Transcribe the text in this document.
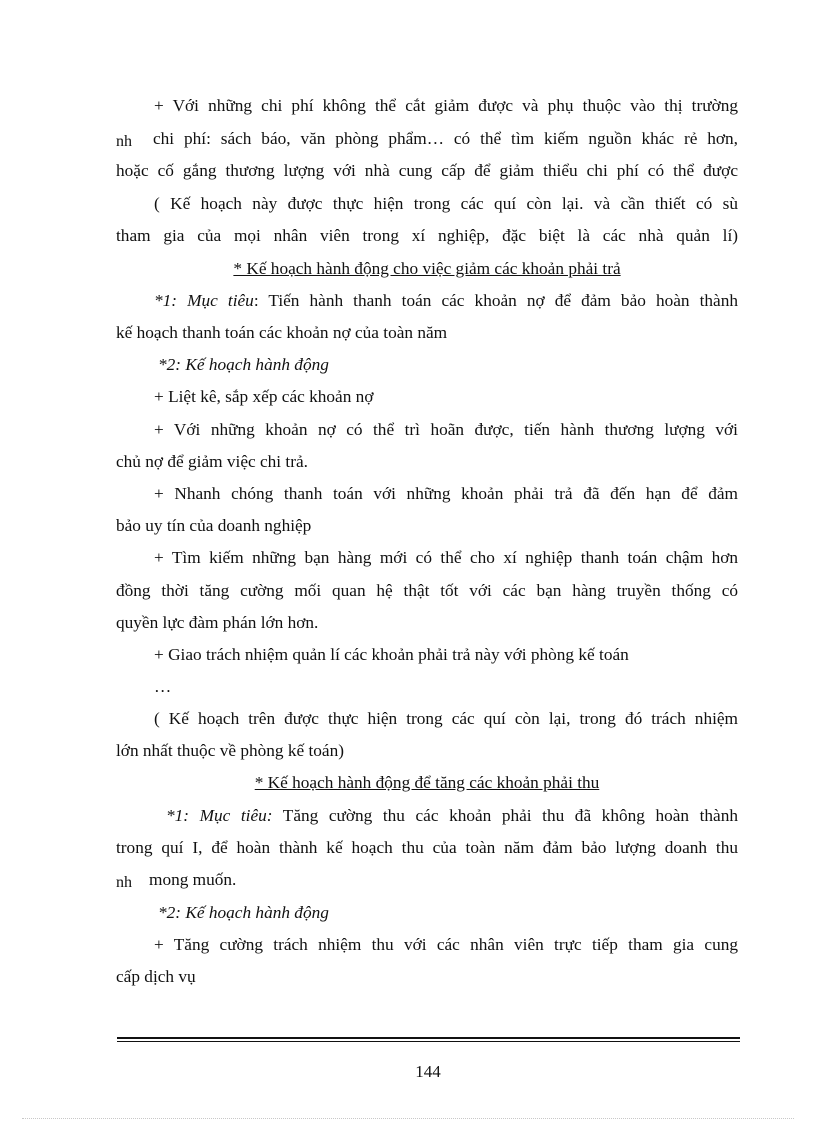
+ Với những chi phí không thể cắt giảm được và phụ thuộc vào thị trường
nh chi phí: sách báo, văn phòng phẩm… có thể tìm kiếm nguồn khác rẻ hơn,
hoặc cố gắng thương lượng với nhà cung cấp để giảm thiểu chi phí có thể được
( Kế hoạch này được thực hiện trong các quí còn lại. và cần thiết có sù
tham gia của mọi nhân viên trong xí nghiệp, đặc biệt là các nhà quản lí)
* Kế hoạch hành động cho việc giảm các khoản phải trả
*1: Mục tiêu: Tiến hành thanh toán các khoản nợ để đảm bảo hoàn thành
kế hoạch thanh toán các khoản nợ của toàn năm
*2: Kế hoạch hành động
+ Liệt kê, sắp xếp các khoản nợ
+ Với những khoản nợ có thể trì hoãn được, tiến hành thương lượng với
chủ nợ để giảm việc chi trả.
+ Nhanh chóng thanh toán với những khoản phải trả đã đến hạn để đảm
bảo uy tín của doanh nghiệp
+ Tìm kiếm những bạn hàng mới có thể cho xí nghiệp thanh toán chậm hơn
đồng thời tăng cường mối quan hệ thật tốt với các bạn hàng truyền thống có
quyền lực đàm phán lớn hơn.
+ Giao trách nhiệm quản lí các khoản phải trả này với phòng kế toán
…
( Kế hoạch trên được thực hiện trong các quí còn lại, trong đó trách nhiệm
lớn nhất thuộc về phòng kế toán)
* Kế hoạch hành động để tăng các khoản phải thu
*1: Mục tiêu: Tăng cường thu các khoản phải thu đã không hoàn thành
trong quí I, để hoàn thành kế hoạch thu của toàn năm đảm bảo lượng doanh thu
nh mong muốn.
*2: Kế hoạch hành động
+ Tăng cường trách nhiệm thu với các nhân viên trực tiếp tham gia cung
cấp dịch vụ
144
